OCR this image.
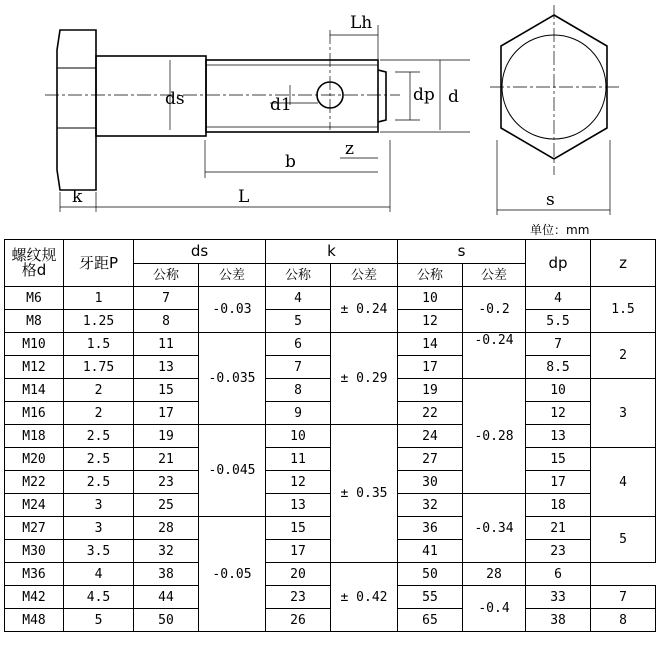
Lh
ds	d1	dp d
z
b
k	L	s
单位：mm
螺纹规格d	牙距P	ds		k		s		dp	z
		公称	公差	公称	公差	公称	公差		
M6	1	7	-0.03	4	± 0.24	10	-0.2	4	1.5
M8	1.25	8		5		12		5.5	
M10	1.5	11	-0.035	6	± 0.29	14	-0.24	7	2
M12	1.75	13		7		17		8.5	
M14	2	15		8		19	-0.28	10	3
M16	2	17		9		22		12	
M18	2.5	19	-0.045	10	± 0.35	24		13	
M20	2.5	21		11		27		15	4
M22	2.5	23		12		30		17	
M24	3	25		13		32	-0.34	18	
M27	3	28	-0.05	15		36		21	5
M30	3.5	32		17		41		23	
M36	4	38		20	± 0.42	50	28	6	
M42	4.5	44		23		55	-0.4	33	7
M48	5	50		26		65		38	8
